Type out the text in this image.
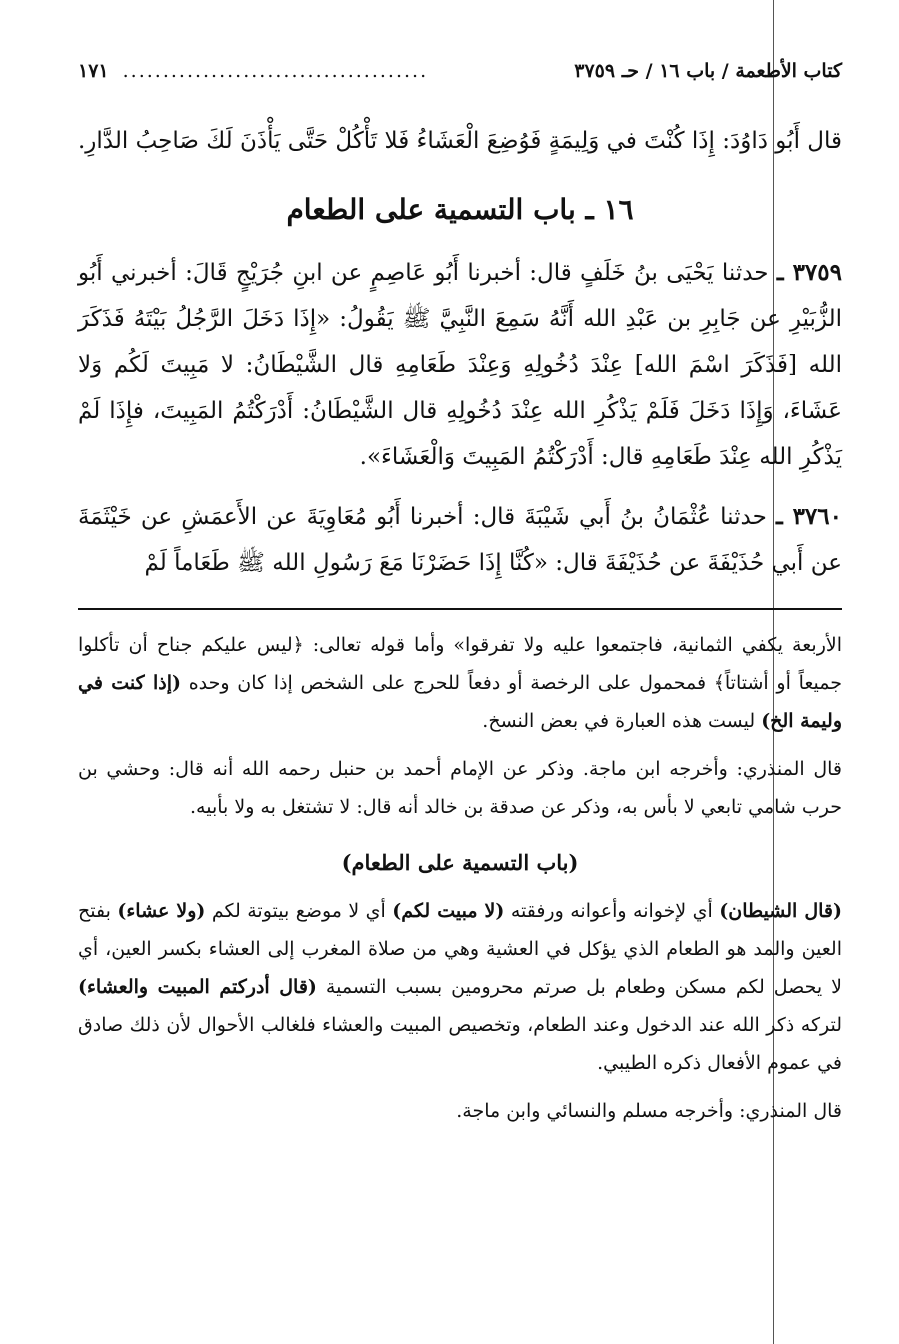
كتاب الأطعمة / باب ١٦ / حـ ٣٧٥٩
......................................
١٧١

قال أَبُو دَاوُدَ: إِذَا كُنْتَ في وَلِيمَةٍ فَوُضِعَ الْعَشَاءُ فَلا تَأْكُلْ حَتَّى يَأْذَنَ لَكَ صَاحِبُ الدَّارِ.

١٦ ـ باب التسمية على الطعام

٣٧٥٩ ـ حدثنا يَحْيَى بنُ خَلَفٍ قال: أخبرنا أَبُو عَاصِمٍ عن ابنِ جُرَيْجٍ قَالَ: أخبرني أَبُو الزُّبَيْرِ عن جَابِرِ بن عَبْدِ الله أَنَّهُ سَمِعَ النَّبِيَّ ﷺ يَقُولُ: «إِذَا دَخَلَ الرَّجُلُ بَيْتَهُ فَذَكَرَ الله [فَذَكَرَ اسْمَ الله] عِنْدَ دُخُولِهِ وَعِنْدَ طَعَامِهِ قال الشَّيْطَانُ: لا مَبِيتَ لَكُم وَلا عَشَاءَ، وَإِذَا دَخَلَ فَلَمْ يَذْكُرِ الله عِنْدَ دُخُولِهِ قال الشَّيْطَانُ: أَدْرَكْتُمُ المَبِيتَ، فإِذَا لَمْ يَذْكُرِ الله عِنْدَ طَعَامِهِ قال: أَدْرَكْتُمُ المَبِيتَ وَالْعَشَاءَ».

٣٧٦٠ ـ حدثنا عُثْمَانُ بنُ أَبي شَيْبَةَ قال: أخبرنا أَبُو مُعَاوِيَةَ عن الأَعمَشِ عن خَيْثَمَةَ عن أَبي حُذَيْفَةَ عن حُذَيْفَةَ قال: «كُنَّا إِذَا حَضَرْنَا مَعَ رَسُولِ الله ﷺ طَعَاماً لَمْ

الأربعة يكفي الثمانية، فاجتمعوا عليه ولا تفرقوا» وأما قوله تعالى: ﴿ليس عليكم جناح أن تأكلوا جميعاً أو أشتاتاً﴾ فمحمول على الرخصة أو دفعاً للحرج على الشخص إذا كان وحده (إذا كنت في وليمة الخ) ليست هذه العبارة في بعض النسخ.

قال المنذري: وأخرجه ابن ماجة. وذكر عن الإمام أحمد بن حنبل رحمه الله أنه قال: وحشي بن حرب شامي تابعي لا بأس به، وذكر عن صدقة بن خالد أنه قال: لا تشتغل به ولا بأبيه.

(باب التسمية على الطعام)

(قال الشيطان) أي لإخوانه وأعوانه ورفقته (لا مبيت لكم) أي لا موضع بيتوتة لكم (ولا عشاء) بفتح العين والمد هو الطعام الذي يؤكل في العشية وهي من صلاة المغرب إلى العشاء بكسر العين، أي لا يحصل لكم مسكن وطعام بل صرتم محرومين بسبب التسمية (قال أدركتم المبيت والعشاء) لتركه ذكر الله عند الدخول وعند الطعام، وتخصيص المبيت والعشاء فلغالب الأحوال لأن ذلك صادق في عموم الأفعال ذكره الطيبي.

قال المنذري: وأخرجه مسلم والنسائي وابن ماجة.
